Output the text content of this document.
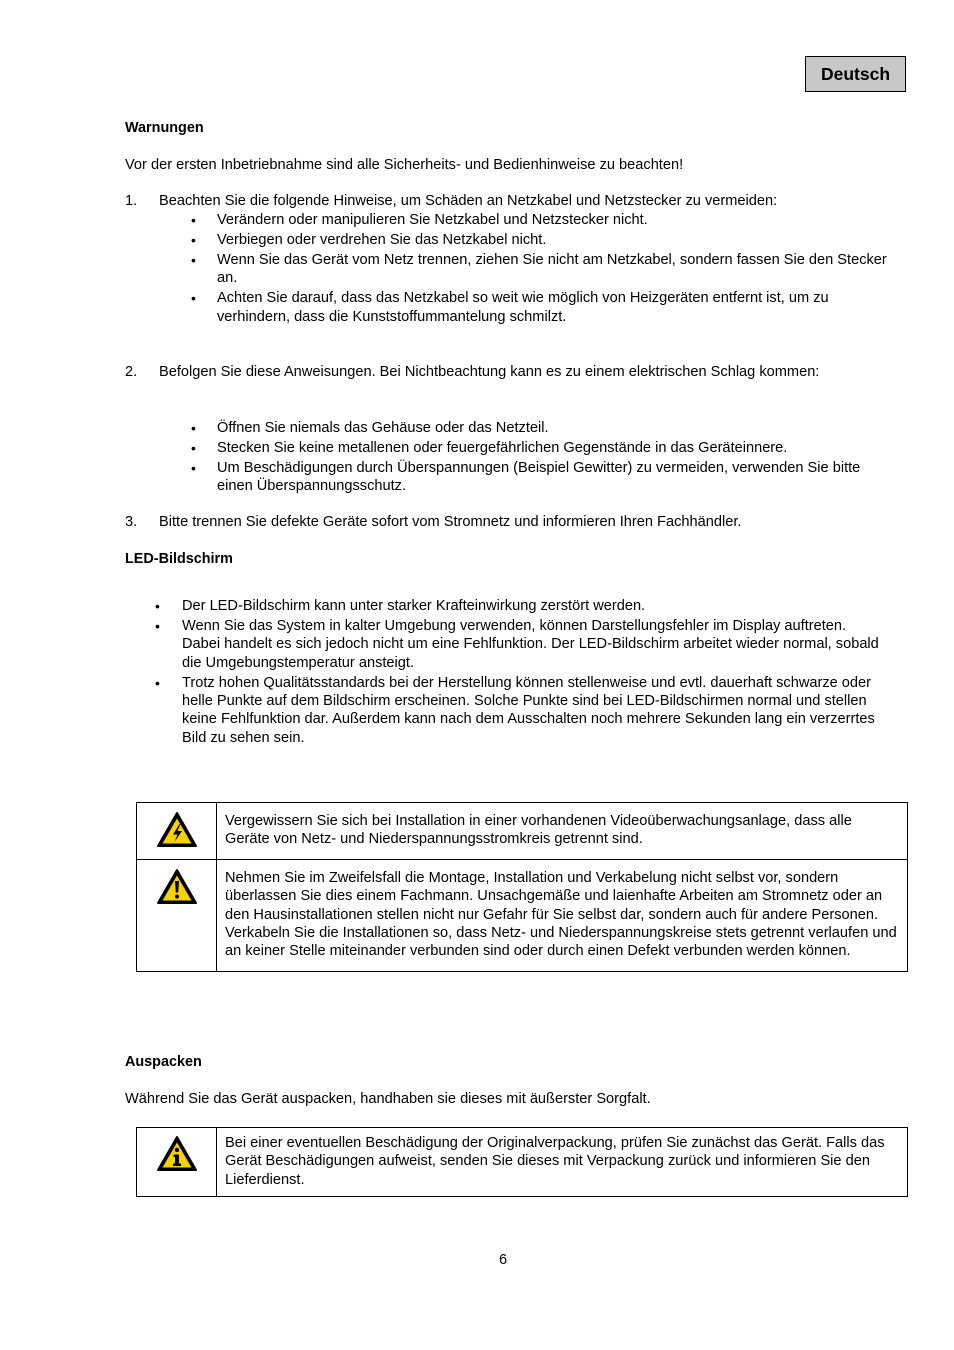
Deutsch
Warnungen
Vor der ersten Inbetriebnahme sind alle Sicherheits- und Bedienhinweise zu beachten!
1. Beachten Sie die folgende Hinweise, um Schäden an Netzkabel und Netzstecker zu vermeiden:
• Verändern oder manipulieren Sie Netzkabel und Netzstecker nicht.
• Verbiegen oder verdrehen Sie das Netzkabel nicht.
• Wenn Sie das Gerät vom Netz trennen, ziehen Sie nicht am Netzkabel, sondern fassen Sie den Stecker an.
• Achten Sie darauf, dass das Netzkabel so weit wie möglich von Heizgeräten entfernt ist, um zu verhindern, dass die Kunststoffummantelung schmilzt.
2. Befolgen Sie diese Anweisungen. Bei Nichtbeachtung kann es zu einem elektrischen Schlag kommen:
• Öffnen Sie niemals das Gehäuse oder das Netzteil.
• Stecken Sie keine metallenen oder feuergefährlichen Gegenstände in das Geräteinnere.
• Um Beschädigungen durch Überspannungen (Beispiel Gewitter) zu vermeiden, verwenden Sie bitte einen Überspannungsschutz.
3. Bitte trennen Sie defekte Geräte sofort vom Stromnetz und informieren Ihren Fachhändler.
LED-Bildschirm
• Der LED-Bildschirm kann unter starker Krafteinwirkung zerstört werden.
• Wenn Sie das System in kalter Umgebung verwenden, können Darstellungsfehler im Display auftreten. Dabei handelt es sich jedoch nicht um eine Fehlfunktion. Der LED-Bildschirm arbeitet wieder normal, sobald die Umgebungstemperatur ansteigt.
• Trotz hohen Qualitätsstandards bei der Herstellung können stellenweise und evtl. dauerhaft schwarze oder helle Punkte auf dem Bildschirm erscheinen. Solche Punkte sind bei LED-Bildschirmen normal und stellen keine Fehlfunktion dar. Außerdem kann nach dem Ausschalten noch mehrere Sekunden lang ein verzerrtes Bild zu sehen sein.

Vergewissern Sie sich bei Installation in einer vorhandenen Videoüberwachungsanlage, dass alle Geräte von Netz- und Niederspannungsstromkreis getrennt sind.

Nehmen Sie im Zweifelsfall die Montage, Installation und Verkabelung nicht selbst vor, sondern überlassen Sie dies einem Fachmann. Unsachgemäße und laienhafte Arbeiten am Stromnetz oder an den Hausinstallationen stellen nicht nur Gefahr für Sie selbst dar, sondern auch für andere Personen.
Verkabeln Sie die Installationen so, dass Netz- und Niederspannungskreise stets getrennt verlaufen und an keiner Stelle miteinander verbunden sind oder durch einen Defekt verbunden werden können.
Auspacken
Während Sie das Gerät auspacken, handhaben sie dieses mit äußerster Sorgfalt.

Bei einer eventuellen Beschädigung der Originalverpackung, prüfen Sie zunächst das Gerät. Falls das Gerät Beschädigungen aufweist, senden Sie dieses mit Verpackung zurück und informieren Sie den Lieferdienst.
6
